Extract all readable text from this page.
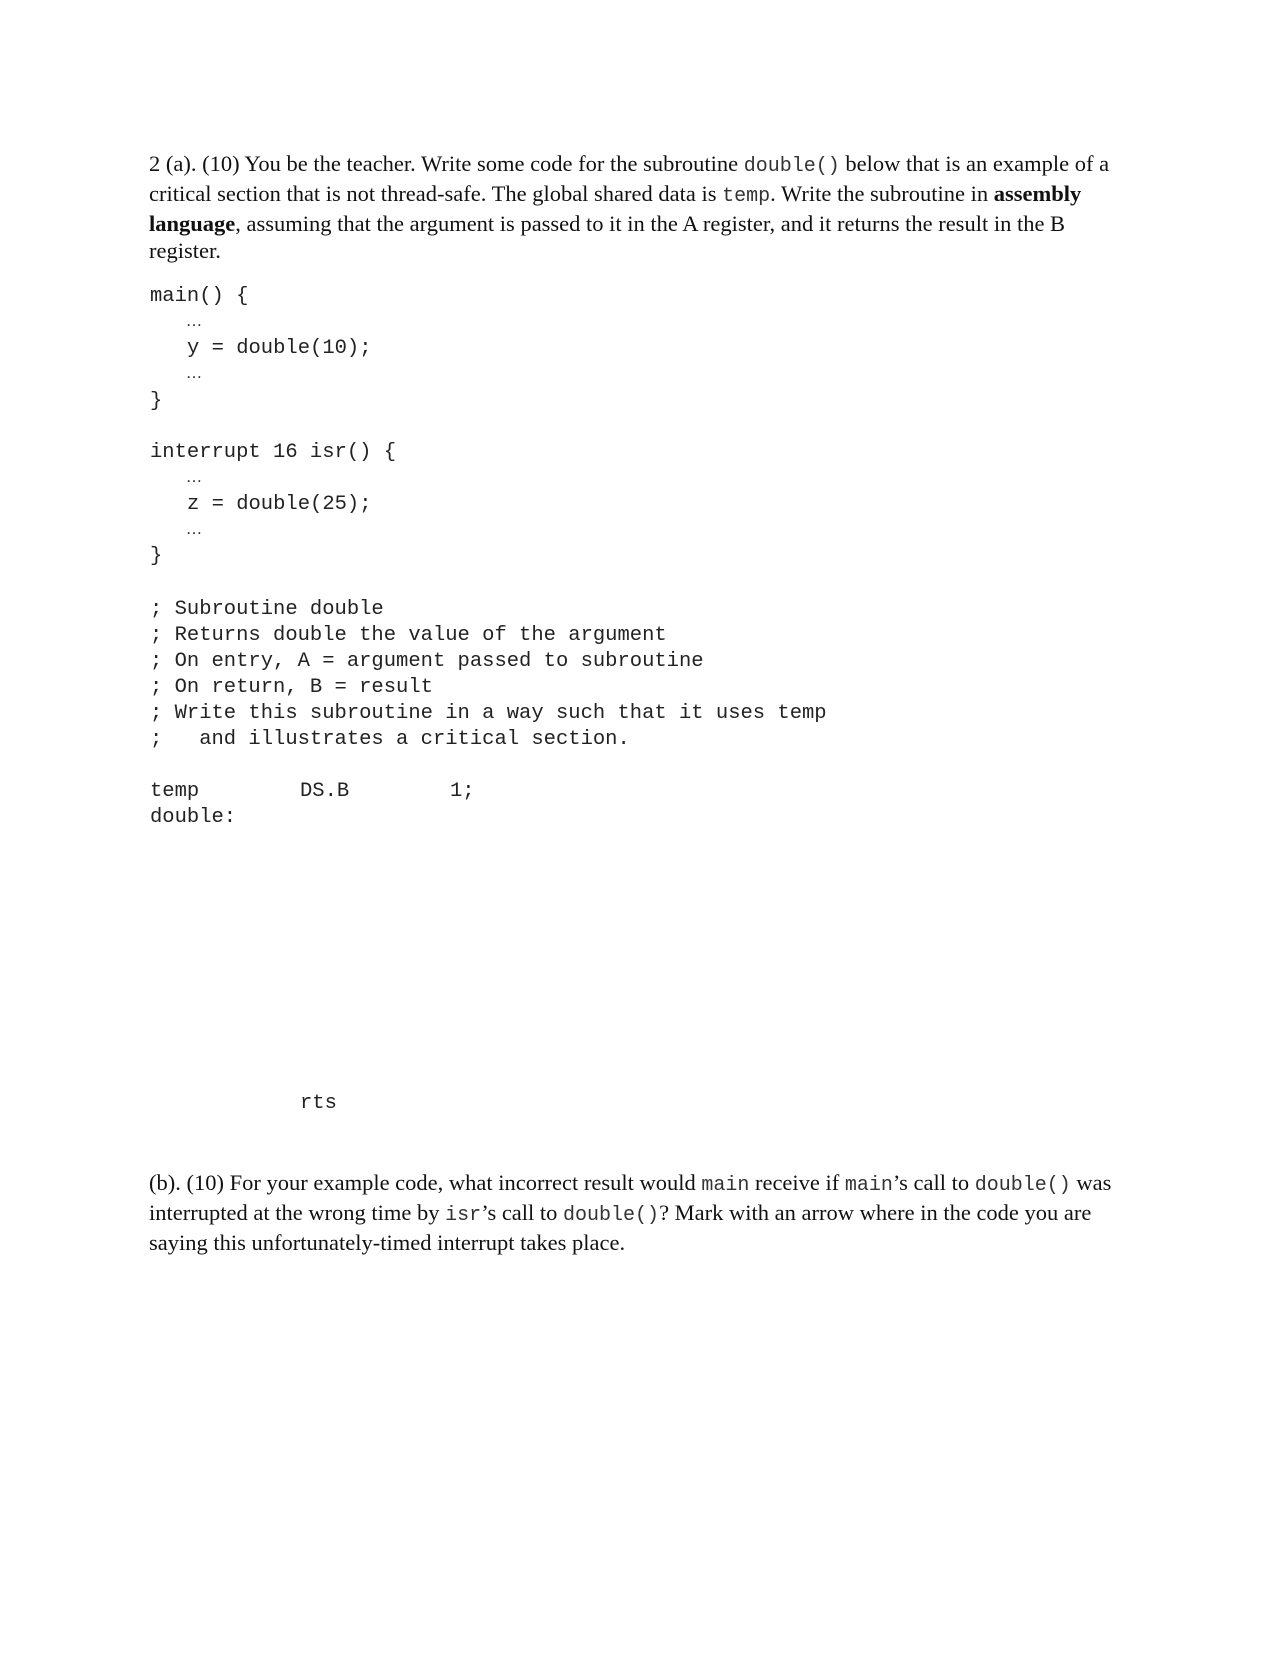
2 (a). (10) You be the teacher. Write some code for the subroutine double() below that is an example of a critical section that is not thread-safe. The global shared data is temp. Write the subroutine in assembly language, assuming that the argument is passed to it in the A register, and it returns the result in the B register.

main() {
…
y = double(10);
…
}
interrupt 16 isr() {
…
z = double(25);
…
}
; Subroutine double
; Returns double the value of the argument
; On entry, A = argument passed to subroutine
; On return, B = result
; Write this subroutine in a way such that it uses temp
;   and illustrates a critical section.
temp	DS.B	1;
double:
rts

(b). (10) For your example code, what incorrect result would main receive if main’s call to double() was interrupted at the wrong time by isr’s call to double()? Mark with an arrow where in the code you are saying this unfortunately-timed interrupt takes place.
